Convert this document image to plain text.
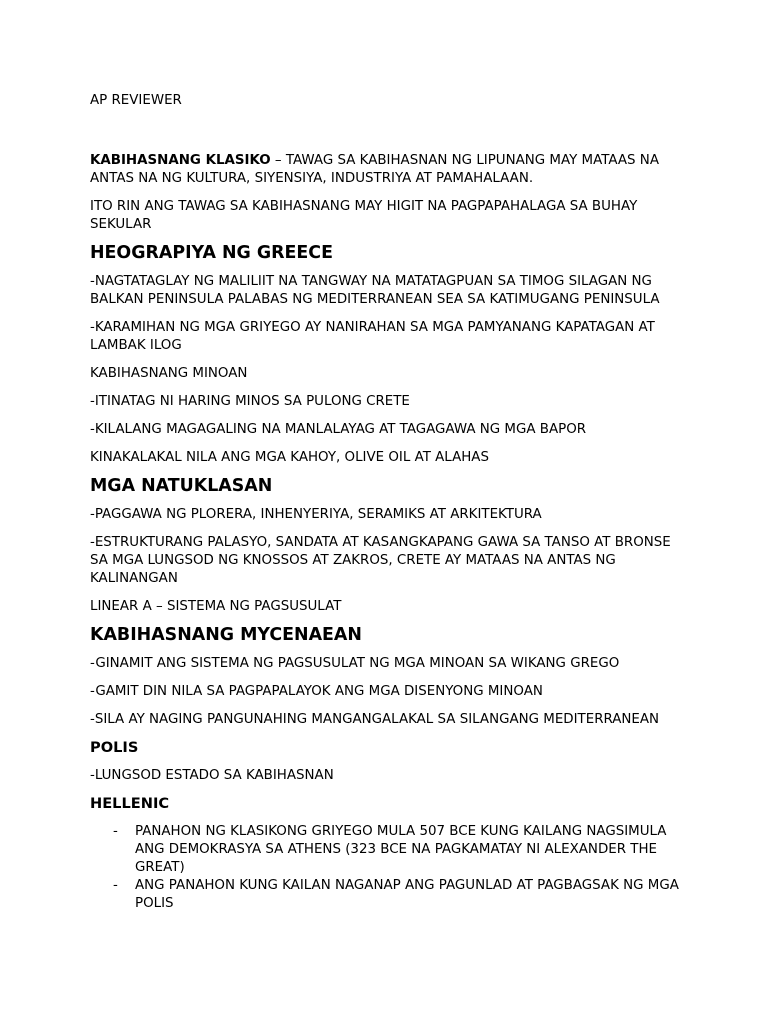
AP REVIEWER

KABIHASNANG KLASIKO – TAWAG SA KABIHASNAN NG LIPUNANG MAY MATAAS NA ANTAS NA NG KULTURA, SIYENSIYA, INDUSTRIYA AT PAMAHALAAN.

ITO RIN ANG TAWAG SA KABIHASNANG MAY HIGIT NA PAGPAPAHALAGA SA BUHAY SEKULAR

HEOGRAPIYA NG GREECE

-NAGTATAGLAY NG MALILIIT NA TANGWAY NA MATATAGPUAN SA TIMOG SILAGAN NG BALKAN PENINSULA PALABAS NG MEDITERRANEAN SEA SA KATIMUGANG PENINSULA

-KARAMIHAN NG MGA GRIYEGO AY NANIRAHAN SA MGA PAMYANANG KAPATAGAN AT LAMBAK ILOG

KABIHASNANG MINOAN

-ITINATAG NI HARING MINOS SA PULONG CRETE

-KILALANG MAGAGALING NA MANLALAYAG AT TAGAGAWA NG MGA BAPOR

KINAKALAKAL NILA ANG MGA KAHOY, OLIVE OIL AT ALAHAS

MGA NATUKLASAN

-PAGGAWA NG PLORERA, INHENYERIYA, SERAMIKS AT ARKITEKTURA

-ESTRUKTURANG PALASYO, SANDATA AT KASANGKAPANG GAWA SA TANSO AT BRONSE SA MGA LUNGSOD NG KNOSSOS AT ZAKROS, CRETE AY MATAAS NA ANTAS NG KALINANGAN

LINEAR A – SISTEMA NG PAGSUSULAT

KABIHASNANG MYCENAEAN

-GINAMIT ANG SISTEMA NG PAGSUSULAT NG MGA MINOAN SA WIKANG GREGO

-GAMIT DIN NILA SA PAGPAPALAYOK ANG MGA DISENYONG MINOAN

-SILA AY NAGING PANGUNAHING MANGANGALAKAL SA SILANGANG MEDITERRANEAN

POLIS

-LUNGSOD ESTADO SA KABIHASNAN

HELLENIC
- PANAHON NG KLASIKONG GRIYEGO MULA 507 BCE KUNG KAILANG NAGSIMULA ANG DEMOKRASYA SA ATHENS (323 BCE NA PAGKAMATAY NI ALEXANDER THE GREAT)
- ANG PANAHON KUNG KAILAN NAGANAP ANG PAGUNLAD AT PAGBAGSAK NG MGA POLIS
